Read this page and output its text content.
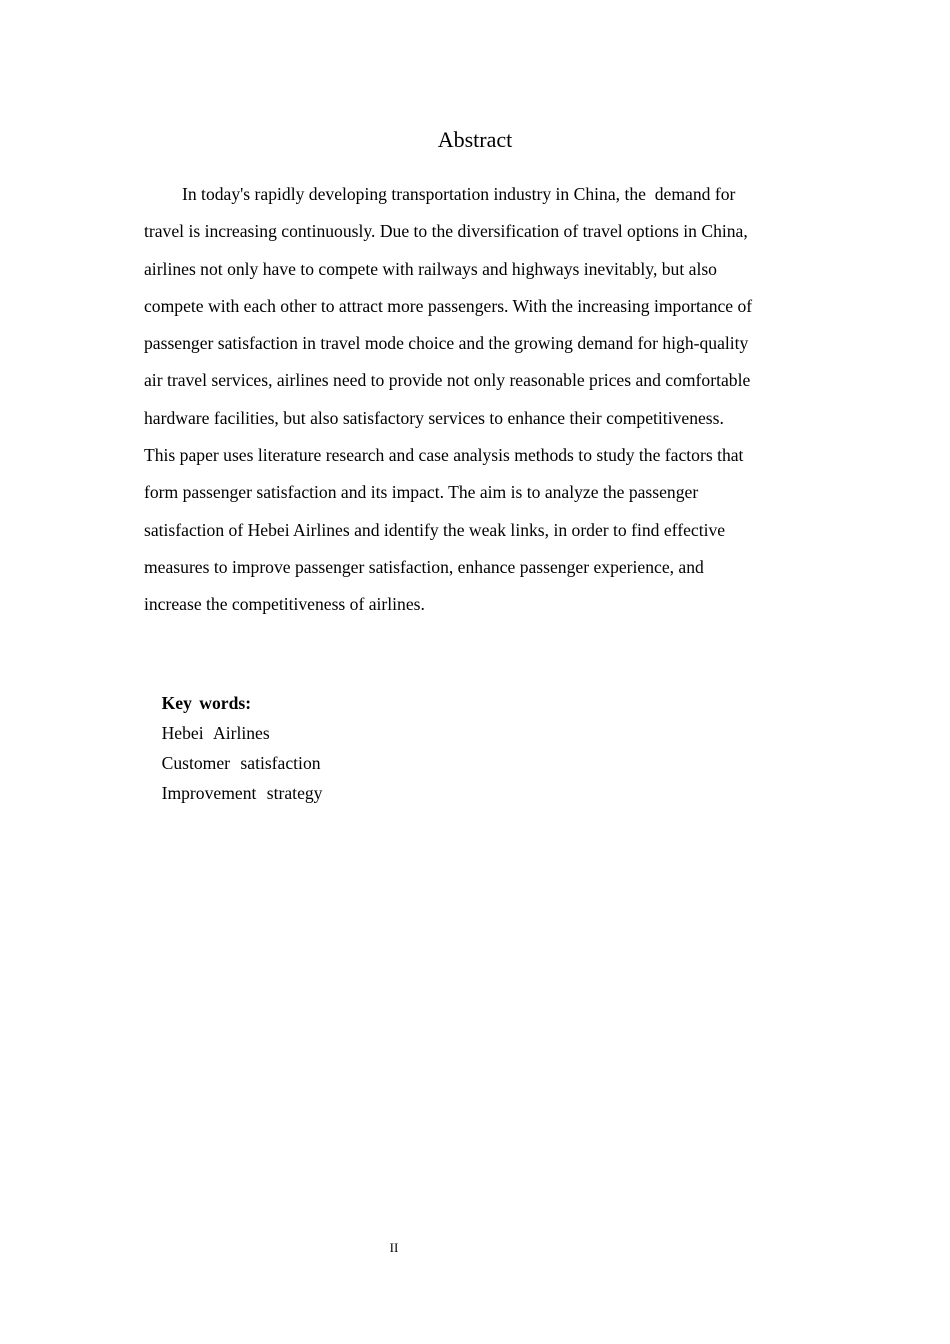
Abstract
In today's rapidly developing transportation industry in China, the  demand for
travel is increasing continuously. Due to the diversification of travel options in China,
airlines not only have to compete with railways and highways inevitably, but also
compete with each other to attract more passengers. With the increasing importance of
passenger satisfaction in travel mode choice and the growing demand for high-quality
air travel services, airlines need to provide not only reasonable prices and comfortable
hardware facilities, but also satisfactory services to enhance their competitiveness.
This paper uses literature research and case analysis methods to study the factors that
form passenger satisfaction and its impact. The aim is to analyze the passenger
satisfaction of Hebei Airlines and identify the weak links, in order to find effective
measures to improve passenger satisfaction, enhance passenger experience, and
increase the competitiveness of airlines.

Key words:
Hebei Airlines
Customer satisfaction
Improvement strategy

II
